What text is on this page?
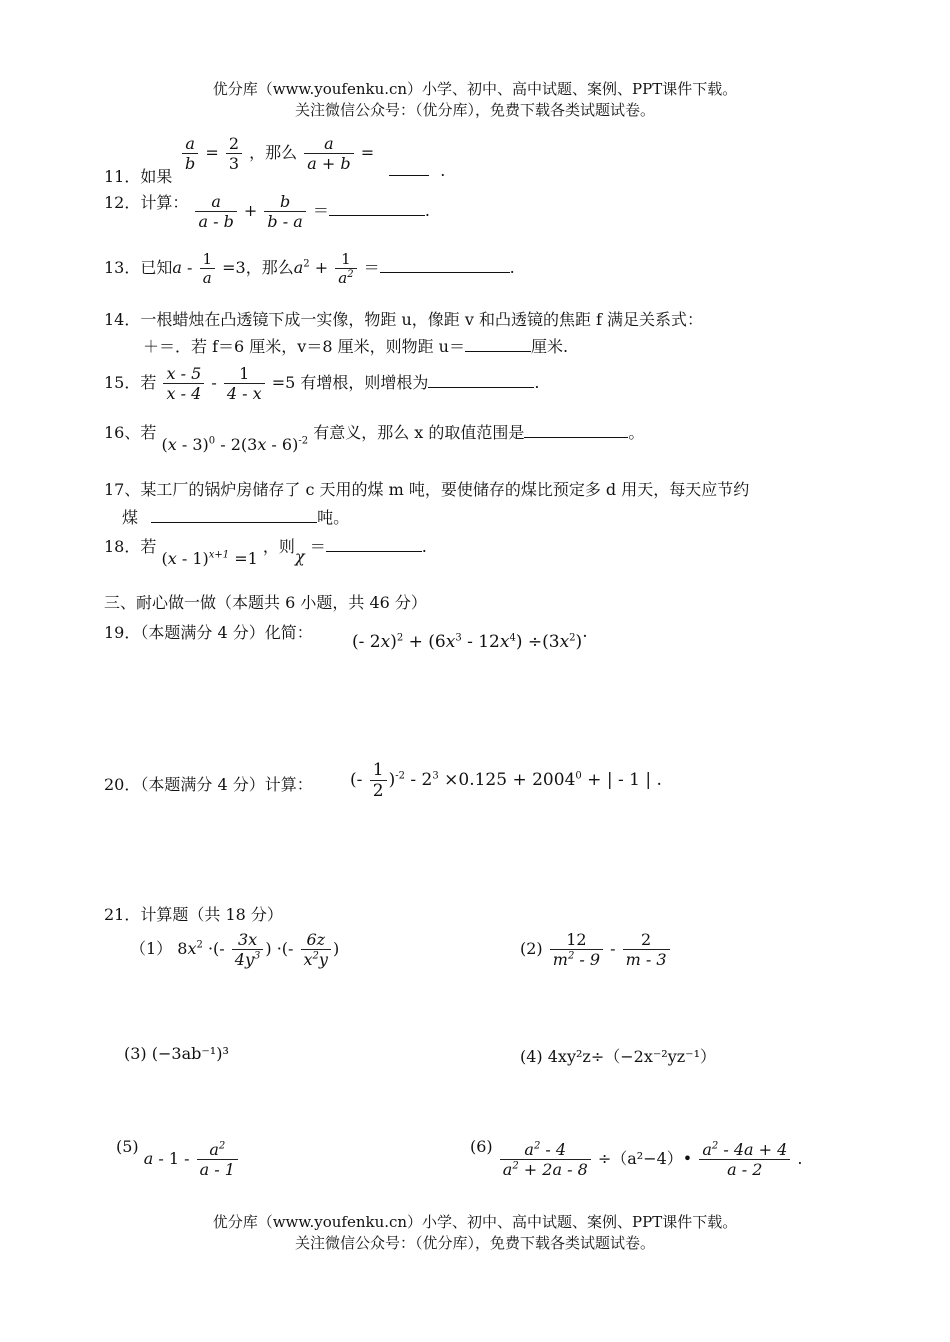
优分库（www.youfenku.cn）小学、初中、高中试题、案例、PPT课件下载。
关注微信公众号：（优分库），免费下载各类试题试卷。
11．如果
$\frac{a}{b} = \frac{2}{3}$ ，那么 $\frac{a}{a + b}$ =  .
12．计算： $\frac{a}{a - b} + \frac{b}{b - a}$ ＝	.
13．已知$a - \frac{1}{a} =3$，那么$a^2 + \frac{1}{a^2}$ ＝	.
14．一根蜡烛在凸透镜下成一实像，物距 u，像距 v 和凸透镜的焦距 f 满足关系式：
＋＝．若 f＝6 厘米，v＝8 厘米，则物距 u＝	厘米.
15．若 $\frac{x - 5}{x - 4} - \frac{1}{4 - x} =5$ 有增根，则增根为	.
16、若 (x - 3)$^0$ - 2(3x - 6)$^{-2}$ 有意义，那么 x 的取值范围是	。
17、某工厂的锅炉房储存了 c 天用的煤 m 吨，要使储存的煤比预定多 d 用天，每天应节约
煤	吨。
18．若 (x - 1)$^{x+1}$ =1 ，则χ ＝	.
三、耐心做一做（本题共 6 小题，共 46 分）
19．（本题满分 4 分）化简： (- $2x)^2 + (6x^3 - 12x^4) \div(3x^2)$.
20．（本题满分 4 分）计算： (- $\frac{1}{2} )^{-2} - 2^3 \times 0.125 + 2004^0$ + | - 1 | .
21．计算题（共 18 分）
（1） $8x^2$ ·(- $\frac{3x}{4y^3}$ ) ·(- $\frac{6z}{x^2y}$ )	$(2) \frac{12}{m^2 - 9} - \frac{2}{m - 3}$
(3) (−3ab⁻¹)³	(4) 4xy²z÷（−2x⁻²yz⁻¹）
(5) a - $1 - \frac{a^2}{a - 1}$	$(6) \frac{a^2 - 4}{a^2 + 2a - 8}$ ÷（a²−4）• $\frac{a^2 - 4a + 4}{a - 2}$ .
优分库（www.youfenku.cn）小学、初中、高中试题、案例、PPT课件下载。
关注微信公众号：（优分库），免费下载各类试题试卷。
